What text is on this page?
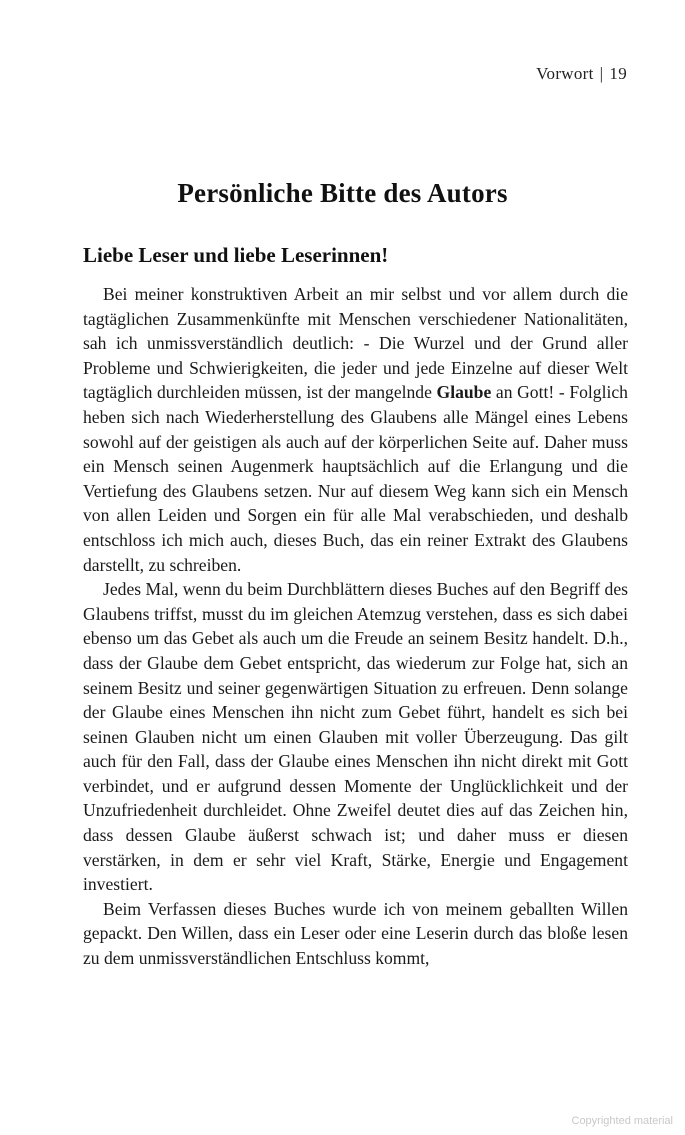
Vorwort | 19
Persönliche Bitte des Autors
Liebe Leser und liebe Leserinnen!

Bei meiner konstruktiven Arbeit an mir selbst und vor allem durch die tagtäglichen Zusammenkünfte mit Menschen verschiedener Nationalitäten, sah ich unmissverständlich deutlich: - Die Wurzel und der Grund aller Probleme und Schwierigkeiten, die jeder und jede Einzelne auf dieser Welt tagtäglich durchleiden müssen, ist der mangelnde Glaube an Gott! - Folglich heben sich nach Wiederherstellung des Glaubens alle Mängel eines Lebens sowohl auf der geistigen als auch auf der körperlichen Seite auf. Daher muss ein Mensch seinen Augenmerk hauptsächlich auf die Erlangung und die Vertiefung des Glaubens setzen. Nur auf diesem Weg kann sich ein Mensch von allen Leiden und Sorgen ein für alle Mal verabschieden, und deshalb entschloss ich mich auch, dieses Buch, das ein reiner Extrakt des Glaubens darstellt, zu schreiben.

Jedes Mal, wenn du beim Durchblättern dieses Buches auf den Begriff des Glaubens triffst, musst du im gleichen Atemzug verstehen, dass es sich dabei ebenso um das Gebet als auch um die Freude an seinem Besitz handelt. D.h., dass der Glaube dem Gebet entspricht, das wiederum zur Folge hat, sich an seinem Besitz und seiner gegenwärtigen Situation zu erfreuen. Denn solange der Glaube eines Menschen ihn nicht zum Gebet führt, handelt es sich bei seinen Glauben nicht um einen Glauben mit voller Überzeugung. Das gilt auch für den Fall, dass der Glaube eines Menschen ihn nicht direkt mit Gott verbindet, und er aufgrund dessen Momente der Unglücklichkeit und der Unzufriedenheit durchleidet. Ohne Zweifel deutet dies auf das Zeichen hin, dass dessen Glaube äußerst schwach ist; und daher muss er diesen verstärken, in dem er sehr viel Kraft, Stärke, Energie und Engagement investiert.

Beim Verfassen dieses Buches wurde ich von meinem geballten Willen gepackt. Den Willen, dass ein Leser oder eine Leserin durch das bloße lesen zu dem unmissverständlichen Entschluss kommt,

Copyrighted material
